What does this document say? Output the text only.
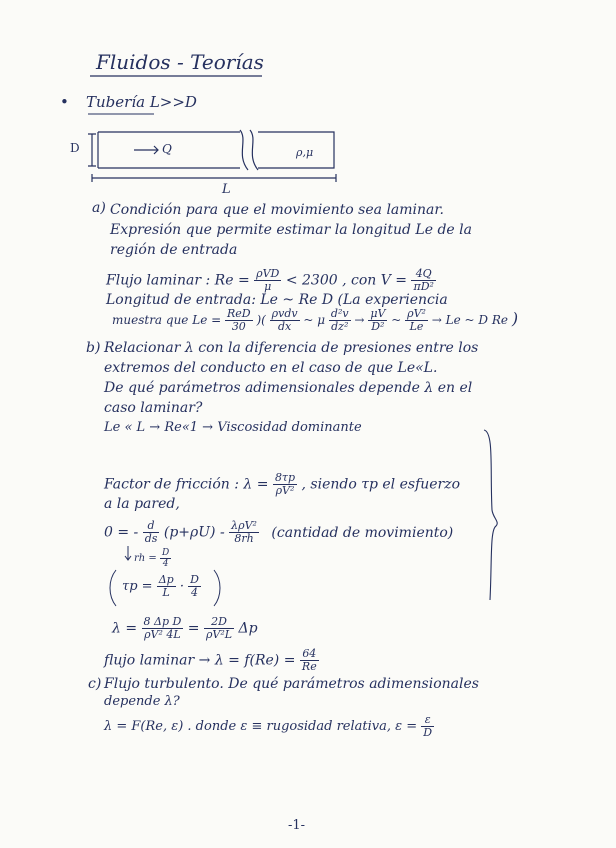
Fluidos - Teorías
• Tubería L>>D
D	Q	ρ,μ
L
a) Condición para que el movimiento sea laminar.
Expresión que permite estimar la longitud Le de la
región de entrada
Flujo laminar : $Re = \frac{\text{ρVD}}{\mu} < 2300$ , con $V = \frac{4Q}{\text{πD²}}$
Longitud de entrada: Le ~ Re D (La experiencia
muestra que $Le = \frac{\text{ReD}}{30}$ )( $\frac{\text{ρvdv}}{dx}$ ~ μ $\frac{\text{d²v}}{\text{dz²}} \to \frac{\mu V}{\text{D²}}$ ~ $\frac{\text{ρV²}}{Le} \to Le$ ~ D Re )
b) Relacionar λ con la diferencia de presiones entre los
extremos del conducto en el caso de que Le«L.
De qué parámetros adimensionales depende λ en el
caso laminar?
Le « L → Re«1 → Viscosidad dominante
Factor de fricción : $\lambda = \frac{8\tau p}{\text{ρV²}}$ , siendo τp el esfuerzo
a la pared,
0 = - $\frac{d}{ds} (p+\rho U) - \frac{\text{λρV²}}{8rh}$ (cantidad de movimiento)
rh = $\frac{D}{4}$
$\tau p = \frac{\Delta p}{L} \cdot \frac{D}{4}$
$\lambda = \frac{\text{8 Δp D}}{\text{ρV² 4L}} = \frac{2D}{\text{ρV²L}}$ Δp
flujo laminar → $\lambda = f(Re) = \frac{64}{Re}$
c) Flujo turbulento. De qué parámetros adimensionales
depende λ?
λ = F(Re, ε) . donde ε ≡ rugosidad relativa, $\varepsilon = \frac{\varepsilon}{D}$
-1-
